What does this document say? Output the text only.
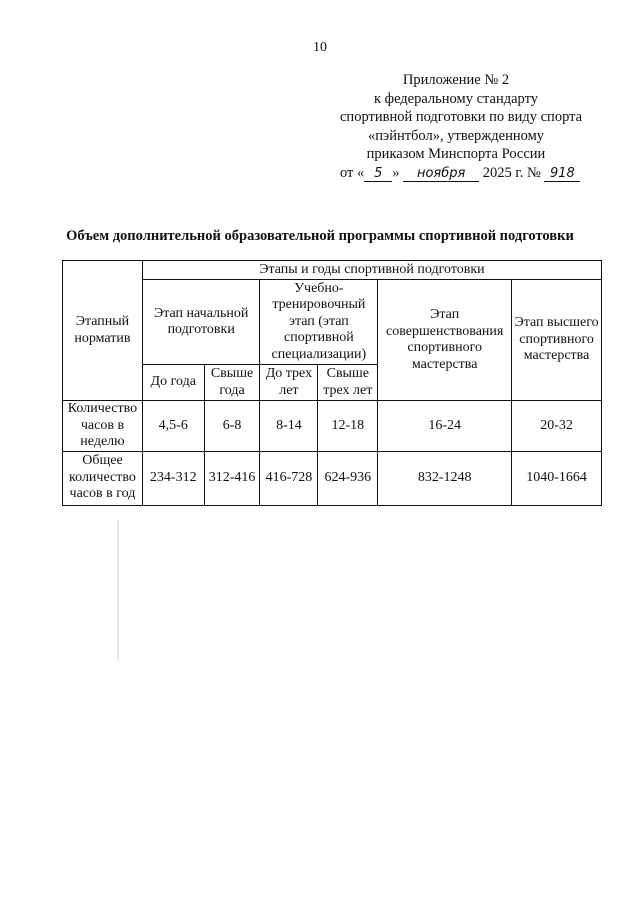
10
Приложение № 2
к федеральному стандарту
спортивной подготовки по виду спорта
«пэйнтбол», утвержденному
приказом Минспорта России
от « 5 » ноября 2025 г. № 918
Объем дополнительной образовательной программы спортивной подготовки
Этапный норматив	Этапы и годы спортивной подготовки					
	Этап начальной подготовки		Учебно-тренировочный этап (этап спортивной специализации)		Этап совершенствования спортивного мастерства	Этап высшего спортивного мастерства
	До года	Свыше года	До трех лет	Свыше трех лет		
Количество часов в неделю	4,5-6	6-8	8-14	12-18	16-24	20-32
Общее количество часов в год	234-312	312-416	416-728	624-936	832-1248	1040-1664
